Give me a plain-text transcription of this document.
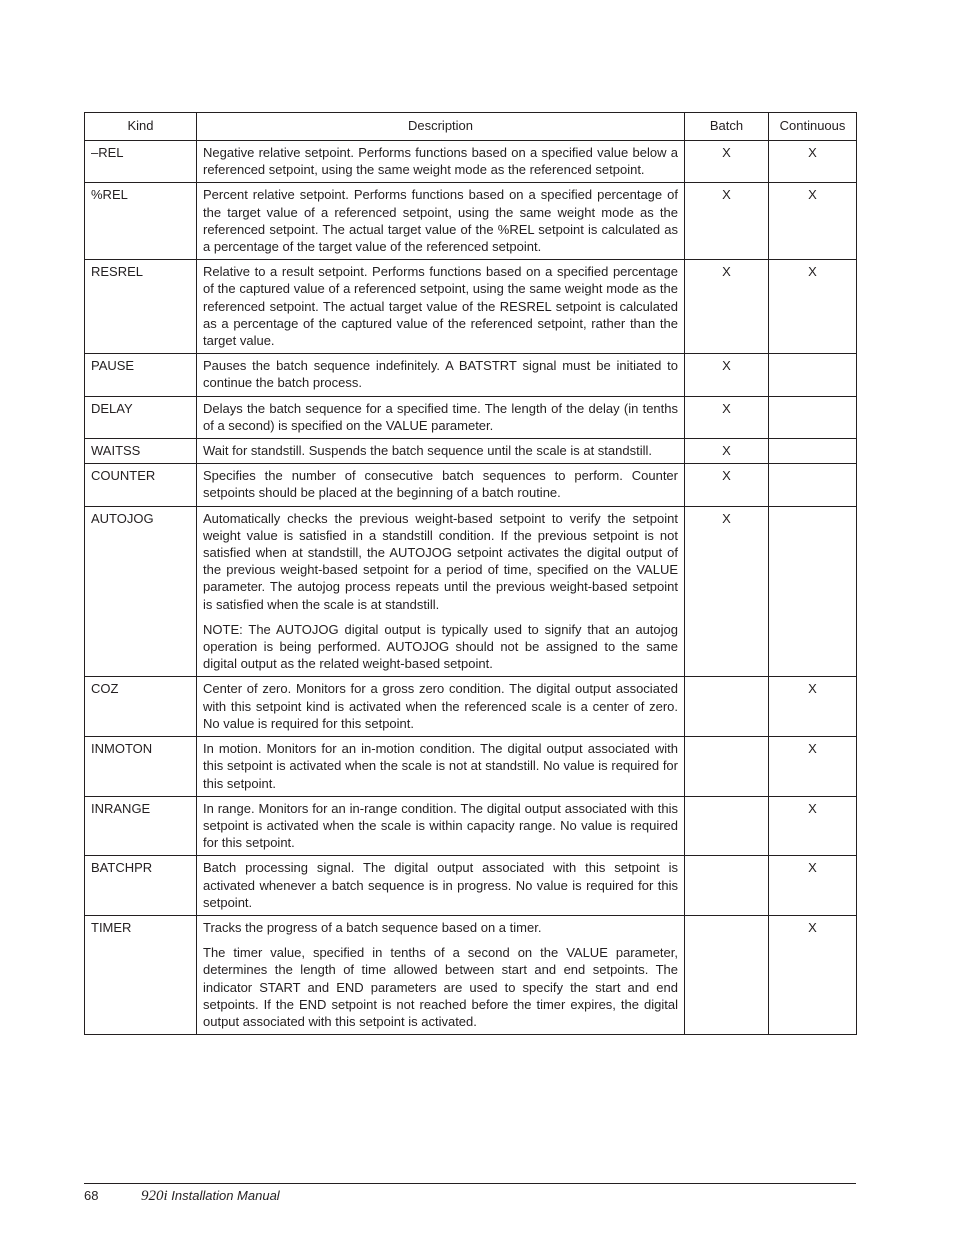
Kind	Description	Batch	Continuous
–REL	Negative relative setpoint. Performs functions based on a specified value below a referenced setpoint, using the same weight mode as the referenced setpoint.	X	X
%REL	Percent relative setpoint. Performs functions based on a specified percentage of the target value of a referenced setpoint, using the same weight mode as the referenced setpoint. The actual target value of the %REL setpoint is calculated as a percentage of the target value of the referenced setpoint.	X	X
RESREL	Relative to a result setpoint. Performs functions based on a specified percentage of the captured value of a referenced setpoint, using the same weight mode as the referenced setpoint. The actual target value of the RESREL setpoint is calculated as a percentage of the captured value of the referenced setpoint, rather than the target value.	X	X
PAUSE	Pauses the batch sequence indefinitely. A BATSTRT signal must be initiated to continue the batch process.	X	
DELAY	Delays the batch sequence for a specified time. The length of the delay (in tenths of a second) is specified on the VALUE parameter.	X	
WAITSS	Wait for standstill. Suspends the batch sequence until the scale is at standstill.	X	
COUNTER	Specifies the number of consecutive batch sequences to perform. Counter setpoints should be placed at the beginning of a batch routine.	X	
AUTOJOG	Automatically checks the previous weight-based setpoint to verify the setpoint weight value is satisfied in a standstill condition. If the previous setpoint is not satisfied when at standstill, the AUTOJOG setpoint activates the digital output of the previous weight-based setpoint for a period of time, specified on the VALUE parameter. The autojog process repeats until the previous weight-based setpoint is satisfied when the scale is at standstill.

NOTE: The AUTOJOG digital output is typically used to signify that an autojog operation is being performed. AUTOJOG should not be assigned to the same digital output as the related weight-based setpoint.	X	
COZ	Center of zero. Monitors for a gross zero condition. The digital output associated with this setpoint kind is activated when the referenced scale is a center of zero. No value is required for this setpoint.		X
INMOTON	In motion. Monitors for an in-motion condition. The digital output associated with this setpoint is activated when the scale is not at standstill. No value is required for this setpoint.		X
INRANGE	In range. Monitors for an in-range condition. The digital output associated with this setpoint is activated when the scale is within capacity range. No value is required for this setpoint.		X
BATCHPR	Batch processing signal. The digital output associated with this setpoint is activated whenever a batch sequence is in progress. No value is required for this setpoint.		X
TIMER	Tracks the progress of a batch sequence based on a timer.

The timer value, specified in tenths of a second on the VALUE parameter, determines the length of time allowed between start and end setpoints. The indicator START and END parameters are used to specify the start and end setpoints. If the END setpoint is not reached before the timer expires, the digital output associated with this setpoint is activated.		X
68	920i Installation Manual
